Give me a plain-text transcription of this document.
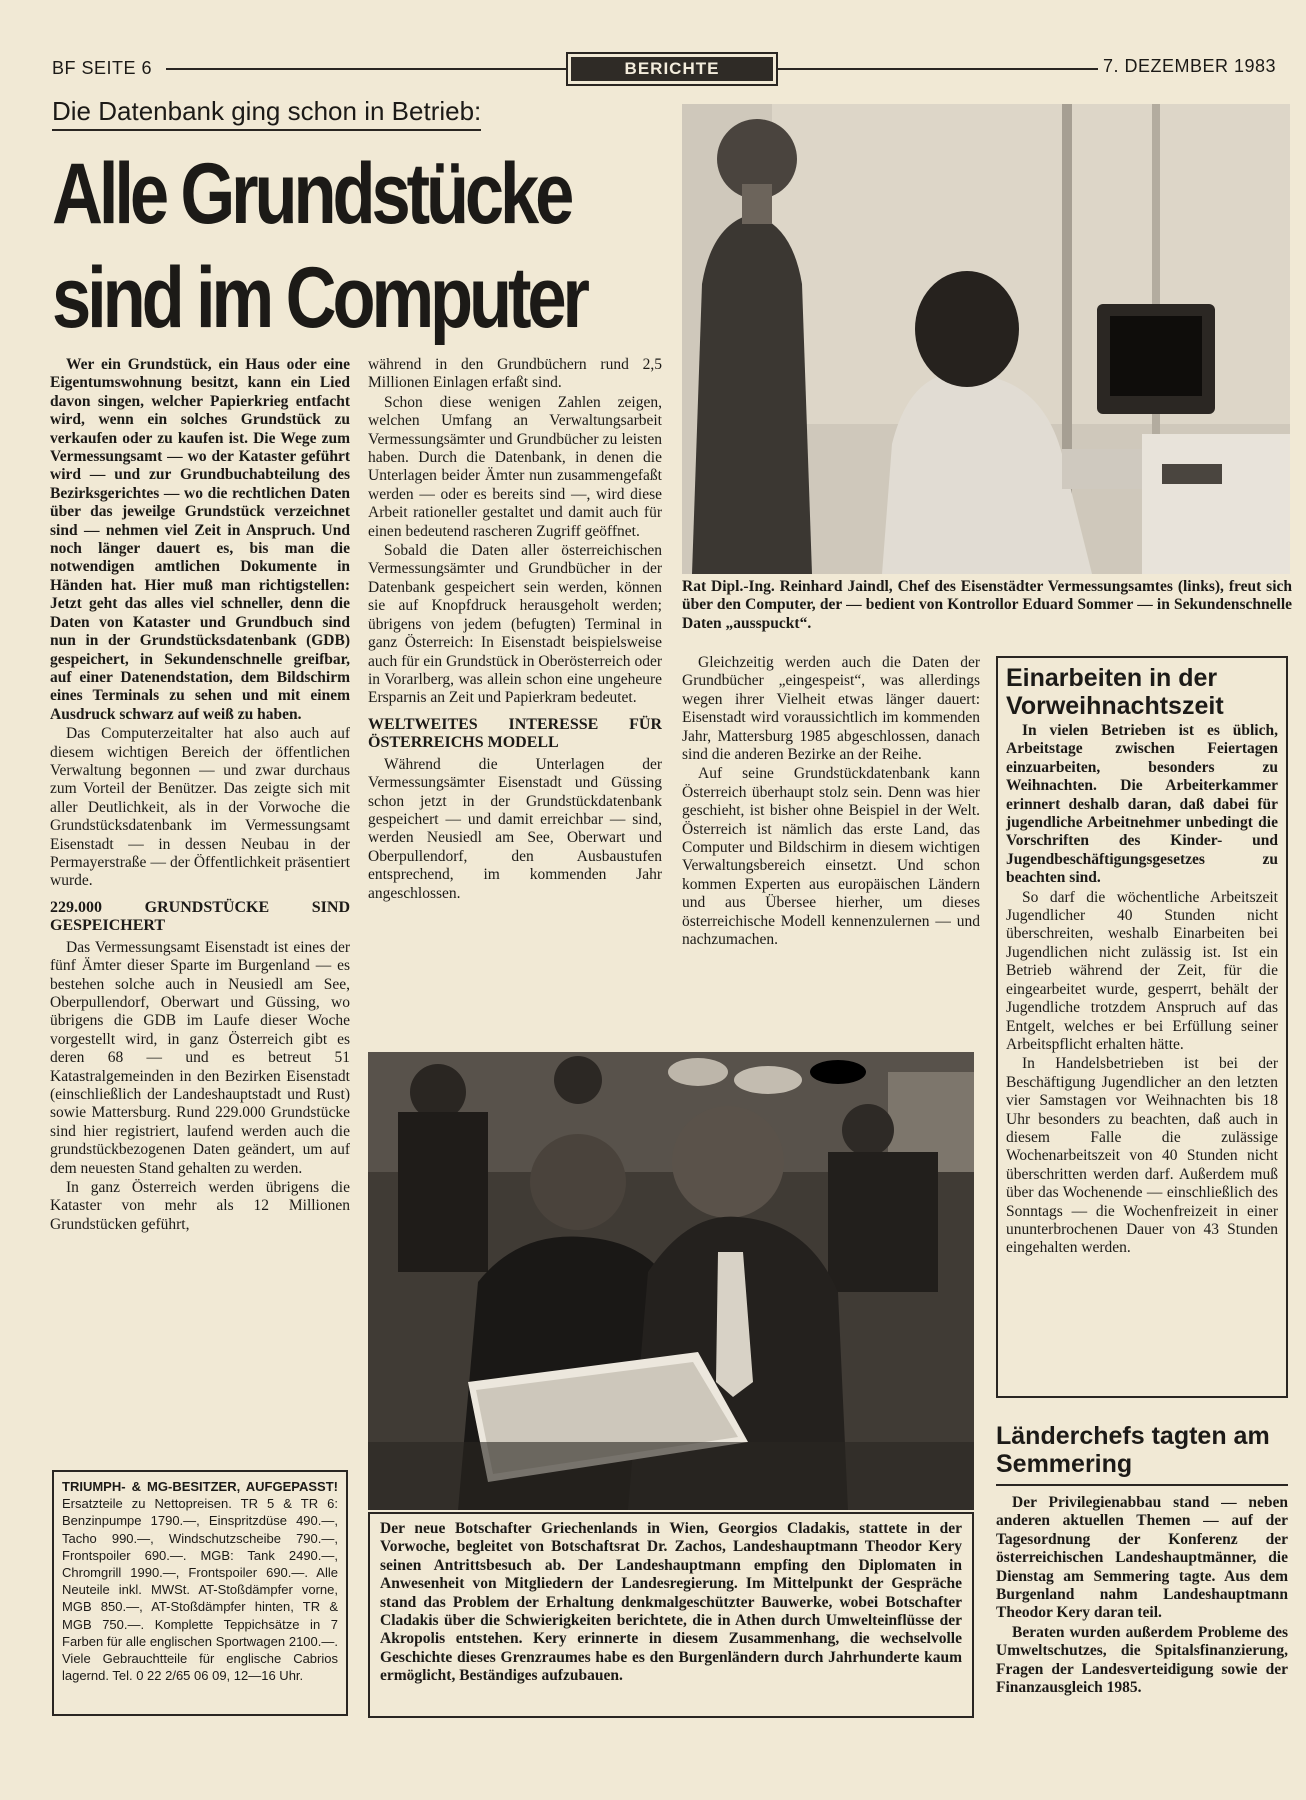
BF SEITE 6	BERICHTE	7. DEZEMBER 1983
Die Datenbank ging schon in Betrieb:
Alle Grundstücke
sind im Computer

Wer ein Grundstück, ein Haus oder eine Eigentumswohnung besitzt, kann ein Lied davon singen, welcher Papierkrieg entfacht wird, wenn ein solches Grundstück zu verkaufen oder zu kaufen ist. Die Wege zum Vermessungsamt — wo der Kataster geführt wird — und zur Grundbuchabteilung des Bezirksgerichtes — wo die rechtlichen Daten über das jeweilge Grundstück verzeichnet sind — nehmen viel Zeit in Anspruch. Und noch länger dauert es, bis man die notwendigen amtlichen Dokumente in Händen hat. Hier muß man richtigstellen: Jetzt geht das alles viel schneller, denn die Daten von Kataster und Grundbuch sind nun in der Grundstücksdatenbank (GDB) gespeichert, in Sekundenschnelle greifbar, auf einer Datenendstation, dem Bildschirm eines Terminals zu sehen und mit einem Ausdruck schwarz auf weiß zu haben.

Das Computerzeitalter hat also auch auf diesem wichtigen Bereich der öffentlichen Verwaltung begonnen — und zwar durchaus zum Vorteil der Benützer. Das zeigte sich mit aller Deutlichkeit, als in der Vorwoche die Grundstücksdatenbank im Vermessungsamt Eisenstadt — in dessen Neubau in der Permayerstraße — der Öffentlichkeit präsentiert wurde.

229.000 GRUNDSTÜCKE SIND GESPEICHERT

Das Vermessungsamt Eisenstadt ist eines der fünf Ämter dieser Sparte im Burgenland — es bestehen solche auch in Neusiedl am See, Oberpullendorf, Oberwart und Güssing, wo übrigens die GDB im Laufe dieser Woche vorgestellt wird, in ganz Österreich gibt es deren 68 — und es betreut 51 Katastralgemeinden in den Bezirken Eisenstadt (einschließlich der Landeshauptstadt und Rust) sowie Mattersburg. Rund 229.000 Grundstücke sind hier registriert, laufend werden auch die grundstückbezogenen Daten geändert, um auf dem neuesten Stand gehalten zu werden.

In ganz Österreich werden übrigens die Kataster von mehr als 12 Millionen Grundstücken geführt,

während in den Grundbüchern rund 2,5 Millionen Einlagen erfaßt sind.

Schon diese wenigen Zahlen zeigen, welchen Umfang an Verwaltungsarbeit Vermessungsämter und Grundbücher zu leisten haben. Durch die Datenbank, in denen die Unterlagen beider Ämter nun zusammengefaßt werden — oder es bereits sind —, wird diese Arbeit rationeller gestaltet und damit auch für einen bedeutend rascheren Zugriff geöffnet.

Sobald die Daten aller österreichischen Vermessungsämter und Grundbücher in der Datenbank gespeichert sein werden, können sie auf Knopfdruck herausgeholt werden; übrigens von jedem (befugten) Terminal in ganz Österreich: In Eisenstadt beispielsweise auch für ein Grundstück in Oberösterreich oder in Vorarlberg, was allein schon eine ungeheure Ersparnis an Zeit und Papierkram bedeutet.

WELTWEITES INTERESSE FÜR ÖSTERREICHS MODELL

Während die Unterlagen der Vermessungsämter Eisenstadt und Güssing schon jetzt in der Grundstückdatenbank gespeichert — und damit erreichbar — sind, werden Neusiedl am See, Oberwart und Oberpullendorf, den Ausbaustufen entsprechend, im kommenden Jahr angeschlossen.

Rat Dipl.-Ing. Reinhard Jaindl, Chef des Eisenstädter Vermessungsamtes (links), freut sich über den Computer, der — bedient von Kontrollor Eduard Sommer — in Sekundenschnelle Daten „ausspuckt“.

Gleichzeitig werden auch die Daten der Grundbücher „eingespeist“, was allerdings wegen ihrer Vielheit etwas länger dauert: Eisenstadt wird voraussichtlich im kommenden Jahr, Mattersburg 1985 abgeschlossen, danach sind die anderen Bezirke an der Reihe.

Auf seine Grundstückdatenbank kann Österreich überhaupt stolz sein. Denn was hier geschieht, ist bisher ohne Beispiel in der Welt. Österreich ist nämlich das erste Land, das Computer und Bildschirm in diesem wichtigen Verwaltungsbereich einsetzt. Und schon kommen Experten aus europäischen Ländern und aus Übersee hierher, um dieses österreichische Modell kennenzulernen — und nachzumachen.

Einarbeiten in der Vorweihnachtszeit

In vielen Betrieben ist es üblich, Arbeitstage zwischen Feiertagen einzuarbeiten, besonders zu Weihnachten. Die Arbeiterkammer erinnert deshalb daran, daß dabei für jugendliche Arbeitnehmer unbedingt die Vorschriften des Kinder- und Jugendbeschäftigungsgesetzes zu beachten sind.

So darf die wöchentliche Arbeitszeit Jugendlicher 40 Stunden nicht überschreiten, weshalb Einarbeiten bei Jugendlichen nicht zulässig ist. Ist ein Betrieb während der Zeit, für die eingearbeitet wurde, gesperrt, behält der Jugendliche trotzdem Anspruch auf das Entgelt, welches er bei Erfüllung seiner Arbeitspflicht erhalten hätte.

In Handelsbetrieben ist bei der Beschäftigung Jugendlicher an den letzten vier Samstagen vor Weihnachten bis 18 Uhr besonders zu beachten, daß auch in diesem Falle die zulässige Wochenarbeitszeit von 40 Stunden nicht überschritten werden darf. Außerdem muß über das Wochenende — einschließlich des Sonntags — die Wochenfreizeit in einer ununterbrochenen Dauer von 43 Stunden eingehalten werden.

Der neue Botschafter Griechenlands in Wien, Georgios Cladakis, stattete in der Vorwoche, begleitet von Botschaftsrat Dr. Zachos, Landeshauptmann Theodor Kery seinen Antrittsbesuch ab. Der Landeshauptmann empfing den Diplomaten in Anwesenheit von Mitgliedern der Landesregierung. Im Mittelpunkt der Gespräche stand das Problem der Erhaltung denkmalgeschützter Bauwerke, wobei Botschafter Cladakis über die Schwierigkeiten berichtete, die in Athen durch Umwelteinflüsse der Akropolis entstehen. Kery erinnerte in diesem Zusammenhang, die wechselvolle Geschichte dieses Grenzraumes habe es den Burgenländern durch Jahrhunderte kaum ermöglicht, Beständiges aufzubauen.
TRIUMPH- & MG-BESITZER, AUFGEPASST! Ersatzteile zu Nettopreisen. TR 5 & TR 6: Benzinpumpe 1790.—, Einspritzdüse 490.—, Tacho 990.—, Windschutzscheibe 790.—, Frontspoiler 690.—. MGB: Tank 2490.—, Chromgrill 1990.—, Frontspoiler 690.—. Alle Neuteile inkl. MWSt. AT-Stoßdämpfer vorne, MGB 850.—, AT-Stoßdämpfer hinten, TR & MGB 750.—. Komplette Teppichsätze in 7 Farben für alle englischen Sportwagen 2100.—. Viele Gebrauchtteile für englische Cabrios lagernd. Tel. 0 22 2/65 06 09, 12—16 Uhr.
Länderchefs tagten am Semmering

Der Privilegienabbau stand — neben anderen aktuellen Themen — auf der Tagesordnung der Konferenz der österreichischen Landeshauptmänner, die Dienstag am Semmering tagte. Aus dem Burgenland nahm Landeshauptmann Theodor Kery daran teil.

Beraten wurden außerdem Probleme des Umweltschutzes, die Spitalsfinanzierung, Fragen der Landesverteidigung sowie der Finanzausgleich 1985.
